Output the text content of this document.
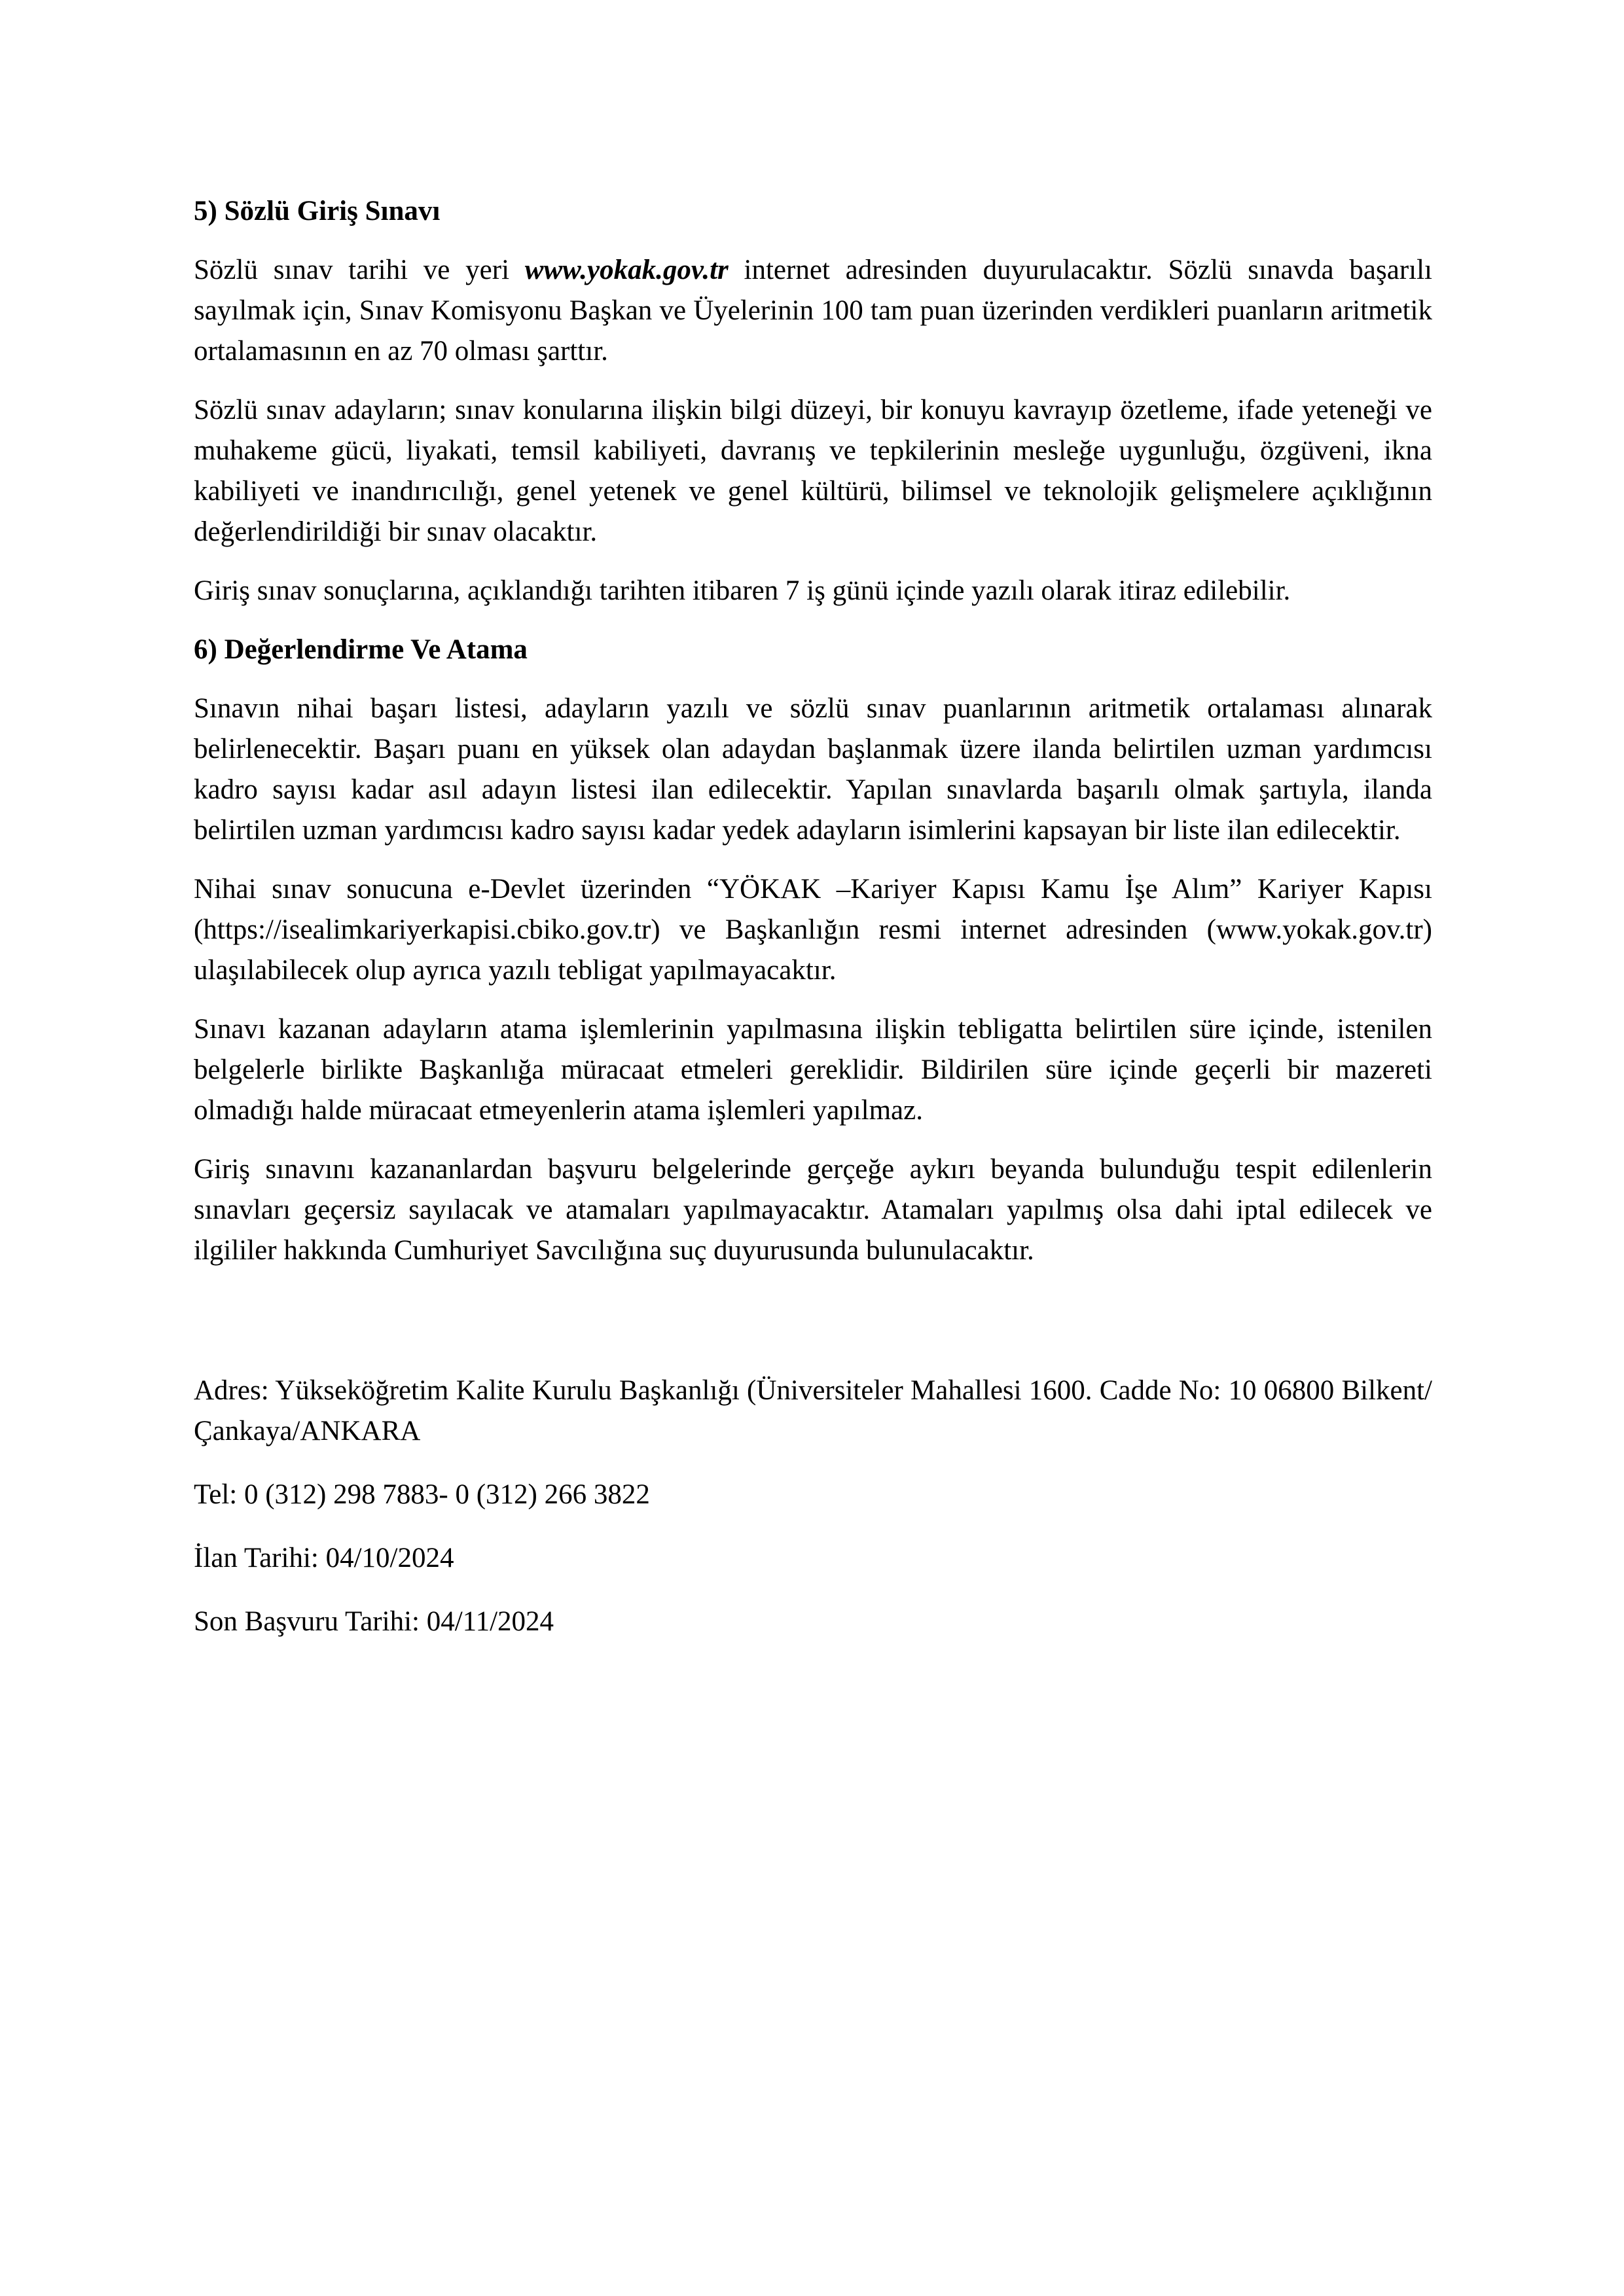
5) Sözlü Giriş Sınavı
Sözlü sınav tarihi ve yeri www.yokak.gov.tr internet adresinden duyurulacaktır. Sözlü sınavda başarılı sayılmak için, Sınav Komisyonu Başkan ve Üyelerinin 100 tam puan üzerinden verdikleri puanların aritmetik ortalamasının en az 70 olması şarttır.
Sözlü sınav adayların; sınav konularına ilişkin bilgi düzeyi, bir konuyu kavrayıp özetleme, ifade yeteneği ve muhakeme gücü, liyakati, temsil kabiliyeti, davranış ve tepkilerinin mesleğe uygunluğu, özgüveni, ikna kabiliyeti ve inandırıcılığı, genel yetenek ve genel kültürü, bilimsel ve teknolojik gelişmelere açıklığının değerlendirildiği bir sınav olacaktır.
Giriş sınav sonuçlarına, açıklandığı tarihten itibaren 7 iş günü içinde yazılı olarak itiraz edilebilir.
6) Değerlendirme Ve Atama
Sınavın nihai başarı listesi, adayların yazılı ve sözlü sınav puanlarının aritmetik ortalaması alınarak belirlenecektir. Başarı puanı en yüksek olan adaydan başlanmak üzere ilanda belirtilen uzman yardımcısı kadro sayısı kadar asıl adayın listesi ilan edilecektir. Yapılan sınavlarda başarılı olmak şartıyla, ilanda belirtilen uzman yardımcısı kadro sayısı kadar yedek adayların isimlerini kapsayan bir liste ilan edilecektir.
Nihai sınav sonucuna e-Devlet üzerinden “YÖKAK –Kariyer Kapısı Kamu İşe Alım” Kariyer Kapısı (https://isealimkariyerkapisi.cbiko.gov.tr) ve Başkanlığın resmi internet adresinden (www.yokak.gov.tr) ulaşılabilecek olup ayrıca yazılı tebligat yapılmayacaktır.
Sınavı kazanan adayların atama işlemlerinin yapılmasına ilişkin tebligatta belirtilen süre içinde, istenilen belgelerle birlikte Başkanlığa müracaat etmeleri gereklidir. Bildirilen süre içinde geçerli bir mazereti olmadığı halde müracaat etmeyenlerin atama işlemleri yapılmaz.
Giriş sınavını kazananlardan başvuru belgelerinde gerçeğe aykırı beyanda bulunduğu tespit edilenlerin sınavları geçersiz sayılacak ve atamaları yapılmayacaktır. Atamaları yapılmış olsa dahi iptal edilecek ve ilgililer hakkında Cumhuriyet Savcılığına suç duyurusunda bulunulacaktır.
Adres: Yükseköğretim Kalite Kurulu Başkanlığı (Üniversiteler Mahallesi 1600. Cadde No: 10 06800 Bilkent/Çankaya/ANKARA
Tel: 0 (312) 298 7883- 0 (312) 266 3822
İlan Tarihi: 04/10/2024
Son Başvuru Tarihi: 04/11/2024
